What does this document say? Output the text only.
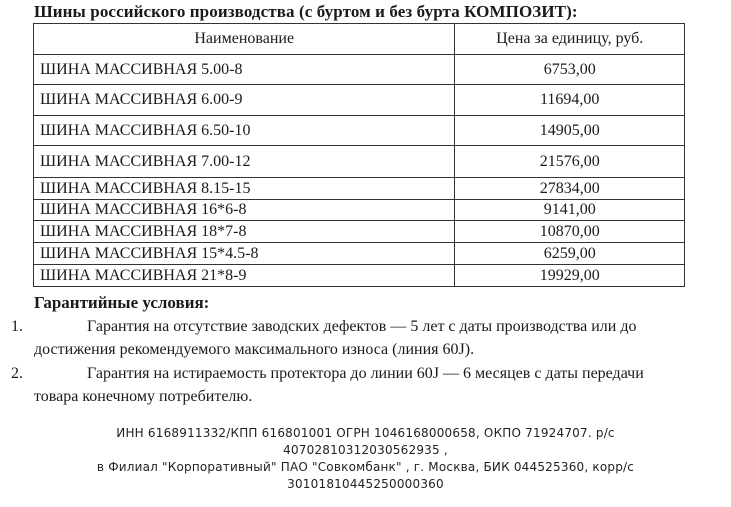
Шины российского производства (с буртом и без бурта КОМПОЗИТ):
Наименование	Цена за единицу, руб.
ШИНА МАССИВНАЯ 5.00-8	6753,00
ШИНА МАССИВНАЯ 6.00-9	11694,00
ШИНА МАССИВНАЯ 6.50-10	14905,00
ШИНА МАССИВНАЯ 7.00-12	21576,00
ШИНА МАССИВНАЯ 8.15-15	27834,00
ШИНА МАССИВНАЯ 16*6-8	9141,00
ШИНА МАССИВНАЯ 18*7-8	10870,00
ШИНА МАССИВНАЯ 15*4.5-8	6259,00
ШИНА МАССИВНАЯ 21*8-9	19929,00
Гарантийные условия:
1.	Гарантия на отсутствие заводских дефектов — 5 лет с даты производства или до
достижения рекомендуемого максимального износа (линия 60J).
2.	Гарантия на истираемость протектора до линии 60J — 6 месяцев с даты передачи
товара конечному потребителю.
ИНН 6168911332/КПП 616801001 ОГРН 1046168000658, ОКПО 71924707. р/с
40702810312030562935 ,
в Филиал "Корпоративный" ПАО "Совкомбанк" , г. Москва, БИК 044525360, корр/с
30101810445250000360
